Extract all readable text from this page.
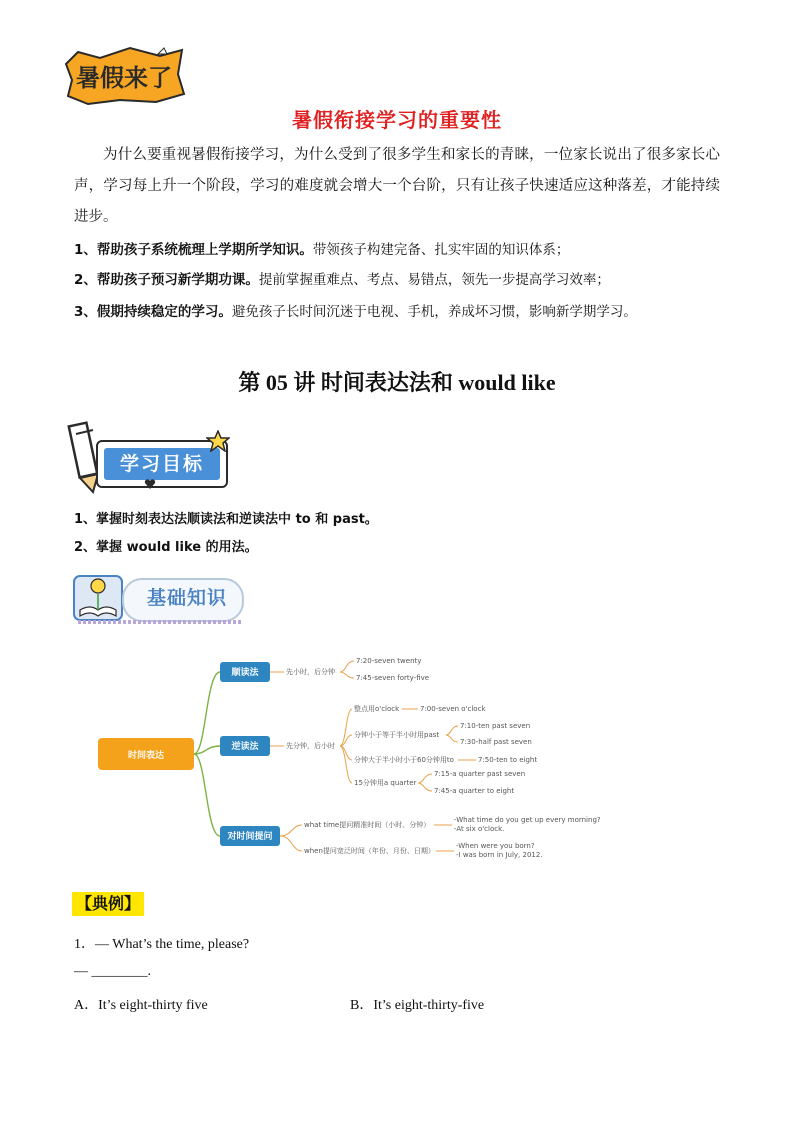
暑假来了
暑假衔接学习的重要性
为什么要重视暑假衔接学习，为什么受到了很多学生和家长的青睐，一位家长说出了很多家长心声，学习每上升一个阶段，学习的难度就会增大一个台阶，只有让孩子快速适应这种落差，才能持续进步。
1、帮助孩子系统梳理上学期所学知识。带领孩子构建完备、扎实牢固的知识体系；
2、帮助孩子预习新学期功课。提前掌握重难点、考点、易错点，领先一步提高学习效率；
3、假期持续稳定的学习。避免孩子长时间沉迷于电视、手机，养成坏习惯，影响新学期学习。
第 05 讲 时间表达法和 would like
学习目标
1、掌握时刻表达法顺读法和逆读法中 to 和 past。
2、掌握 would like 的用法。
基础知识
时间表达
顺读法	先小时，后分钟
7:20-seven twenty
7:45-seven forty-five
逆读法	先分钟，后小时
整点用o'clock	7:00-seven o'clock
分钟小于等于半小时用past
7:10-ten past seven
7:30-half past seven
分钟大于半小时小于60分钟用to	7:50-ten to eight
15分钟用a quarter
7:15-a quarter past seven
7:45-a quarter to eight
对时间提问
what time提问精准时间（小时、分钟）
-What time do you get up every morning?
-At six o'clock.
when提问宽泛时间（年份、月份、日期）
-When were you born?
-I was born in July, 2012.
【典例】
1．— What’s the time, please?
— ________.
A．It’s eight-thirty five	B．It’s eight-thirty-five
